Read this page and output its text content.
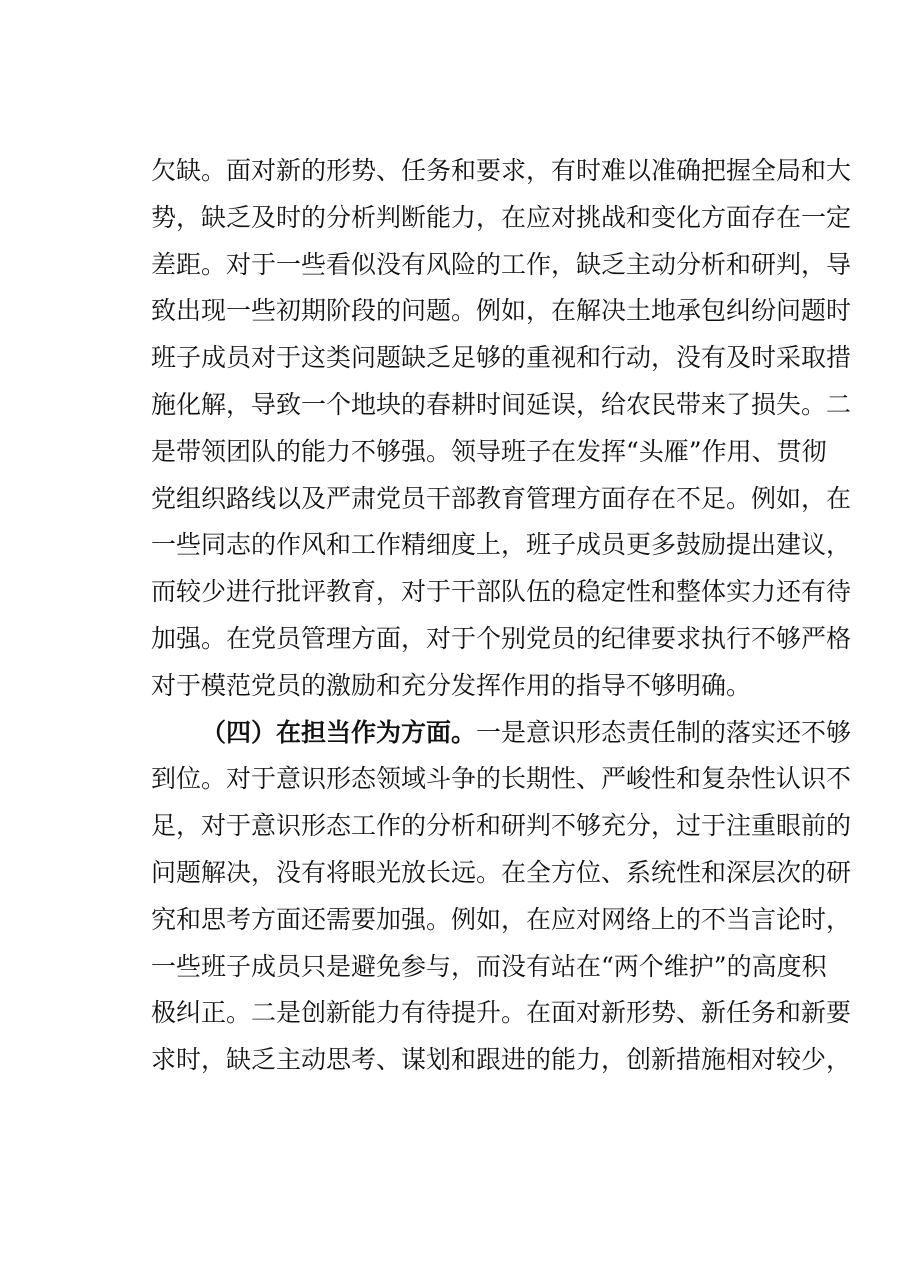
欠缺。面对新的形势、任务和要求，有时难以准确把握全局和大
势，缺乏及时的分析判断能力，在应对挑战和变化方面存在一定
差距。对于一些看似没有风险的工作，缺乏主动分析和研判，导
致出现一些初期阶段的问题。例如，在解决土地承包纠纷问题时
班子成员对于这类问题缺乏足够的重视和行动，没有及时采取措
施化解，导致一个地块的春耕时间延误，给农民带来了损失。二
是带领团队的能力不够强。领导班子在发挥“头雁”作用、贯彻
党组织路线以及严肃党员干部教育管理方面存在不足。例如，在
一些同志的作风和工作精细度上，班子成员更多鼓励提出建议，
而较少进行批评教育，对于干部队伍的稳定性和整体实力还有待
加强。在党员管理方面，对于个别党员的纪律要求执行不够严格
对于模范党员的激励和充分发挥作用的指导不够明确。
（四）在担当作为方面。一是意识形态责任制的落实还不够
到位。对于意识形态领域斗争的长期性、严峻性和复杂性认识不
足，对于意识形态工作的分析和研判不够充分，过于注重眼前的
问题解决，没有将眼光放长远。在全方位、系统性和深层次的研
究和思考方面还需要加强。例如，在应对网络上的不当言论时，
一些班子成员只是避免参与，而没有站在“两个维护”的高度积
极纠正。二是创新能力有待提升。在面对新形势、新任务和新要
求时，缺乏主动思考、谋划和跟进的能力，创新措施相对较少，
